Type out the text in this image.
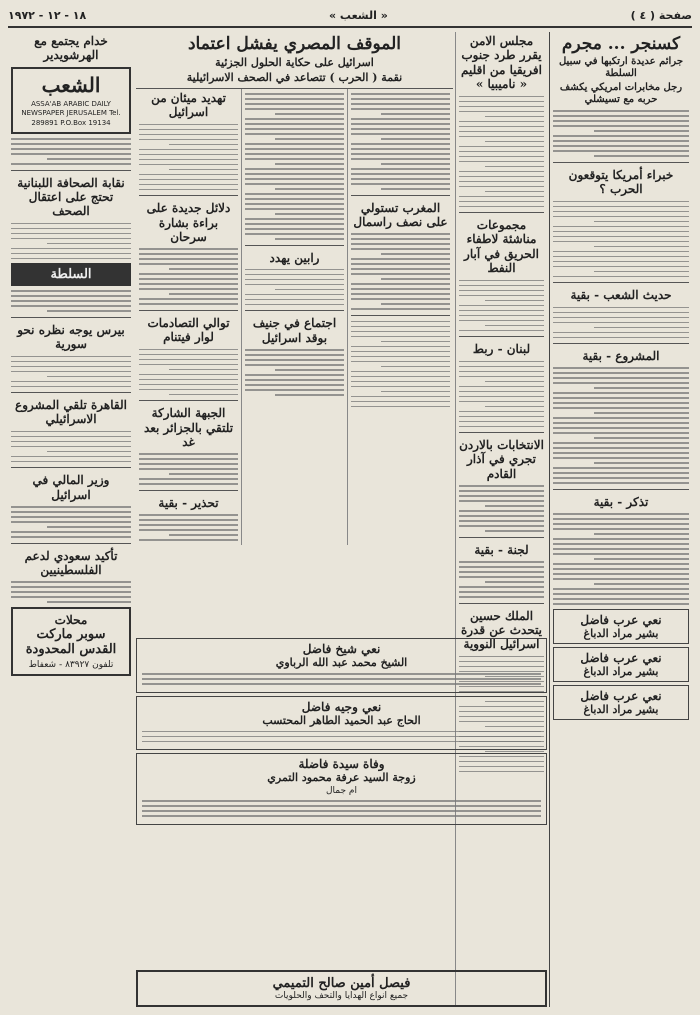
صفحة ( ٤ )
« الشعب »
١٨ - ١٢ - ١٩٧٢
كسنجر ... مجرم
جرائم عديدة ارتكبها في سبيل السلطة
رجل مخابرات امريكي يكشف حربه مع تسيشلي
خبراء أمريكا يتوقعون الحرب ؟
حديث الشعب - بقية
المشروع - بقية
تذكر - بقية
نعي عرب فاضل
بشير مراد الدباغ
نعي عرب فاضل
بشير مراد الدباغ
نعي عرب فاضل
بشير مراد الدباغ
مجلس الامن يقرر طرد جنوب افريقيا من اقليم « ناميبيا »
مجموعات مناشئة لاطفاء الحريق في آبار النفط
لبنان - ربط
الانتخابات بالاردن تجري في آذار القادم
لجنة - بقية
الملك حسين يتحدث عن قدرة اسرائيل النووية
الموقف المصري يفشل اعتماد
اسرائيل على حكاية الحلول الجزئية
نقمة ( الحرب ) تتصاعد في الصحف الاسرائيلية
المغرب تستولي على نصف راسمال
رابين يهدد
اجتماع في جنيف بوقد اسرائيل
تهديد ميئان من اسرائيل
دلائل جديدة على براءة بشارة سرحان
توالي التصادمات لوار فيتنام
الجبهة الشاركة تلتقي بالجزائر بعد غد
تحذير - بقية
نعي شيخ فاضل
الشيخ محمد عبد الله الرباوي
نعي وجيه فاضل
الحاج عبد الحميد الطاهر المحتسب
وفاة سيدة فاضلة
زوجة السيد عرفة محمود التمري
ام جمال
خدام يجتمع مع الهرشويدير
الشعب
ASSA'AB ARABIC DAILY NEWSPAPER JERUSALEM Tel. 289891 P.O.Box 19134
نقابة الصحافة اللبنانية تحتج على اعتقال الصحف
السلطة
بيرس يوجه نظره نحو سورية
القاهرة تلقي المشروع الاسرائيلي
وزير المالي في اسرائيل
تأكيد سعودي لدعم الفلسطينيين
محلات
سوبر ماركت القدس المحدودة
تلفون ٨٣٩٢٧ - شعفاط
فيصل أمين صالح التميمي
جميع انواع الهدايا والتحف والحلويات
